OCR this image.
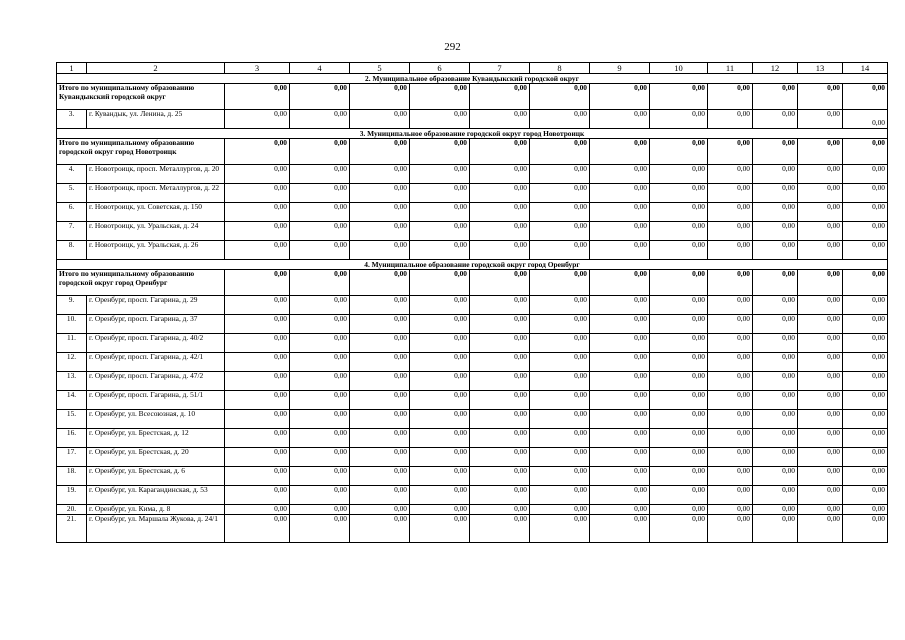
292
1	2	3	4	5	6	7	8	9	10	11	12	13	14
2. Муниципальное образование Кувандыкский городской округ													
Итого по муниципальному образованию Кувандыкский городской округ		0,00	0,00	0,00	0,00	0,00	0,00	0,00	0,00	0,00	0,00	0,00	0,00
3.	г. Кувандык, ул. Ленина, д. 25	0,00	0,00	0,00	0,00	0,00	0,00	0,00	0,00	0,00	0,00	0,00	0,00
3. Муниципальное образование городской округ город Новотроицк													
Итого по муниципальному образованию городской округ город Новотроицк		0,00	0,00	0,00	0,00	0,00	0,00	0,00	0,00	0,00	0,00	0,00	0,00
4.	г. Новотроицк, просп. Металлургов, д. 20	0,00	0,00	0,00	0,00	0,00	0,00	0,00	0,00	0,00	0,00	0,00	0,00
5.	г. Новотроицк, просп. Металлургов, д. 22	0,00	0,00	0,00	0,00	0,00	0,00	0,00	0,00	0,00	0,00	0,00	0,00
6.	г. Новотроицк, ул. Советская, д. 150	0,00	0,00	0,00	0,00	0,00	0,00	0,00	0,00	0,00	0,00	0,00	0,00
7.	г. Новотроицк, ул. Уральская, д. 24	0,00	0,00	0,00	0,00	0,00	0,00	0,00	0,00	0,00	0,00	0,00	0,00
8.	г. Новотроицк, ул. Уральская, д. 26	0,00	0,00	0,00	0,00	0,00	0,00	0,00	0,00	0,00	0,00	0,00	0,00
4. Муниципальное образование городской округ город Оренбург													
Итого по муниципальному образованию городской округ город Оренбург		0,00	0,00	0,00	0,00	0,00	0,00	0,00	0,00	0,00	0,00	0,00	0,00
9.	г. Оренбург, просп. Гагарина, д. 29	0,00	0,00	0,00	0,00	0,00	0,00	0,00	0,00	0,00	0,00	0,00	0,00
10.	г. Оренбург, просп. Гагарина, д. 37	0,00	0,00	0,00	0,00	0,00	0,00	0,00	0,00	0,00	0,00	0,00	0,00
11.	г. Оренбург, просп. Гагарина, д. 40/2	0,00	0,00	0,00	0,00	0,00	0,00	0,00	0,00	0,00	0,00	0,00	0,00
12.	г. Оренбург, просп. Гагарина, д. 42/1	0,00	0,00	0,00	0,00	0,00	0,00	0,00	0,00	0,00	0,00	0,00	0,00
13.	г. Оренбург, просп. Гагарина, д. 47/2	0,00	0,00	0,00	0,00	0,00	0,00	0,00	0,00	0,00	0,00	0,00	0,00
14.	г. Оренбург, просп. Гагарина, д. 51/1	0,00	0,00	0,00	0,00	0,00	0,00	0,00	0,00	0,00	0,00	0,00	0,00
15.	г. Оренбург, ул. Всесоюзная, д. 10	0,00	0,00	0,00	0,00	0,00	0,00	0,00	0,00	0,00	0,00	0,00	0,00
16.	г. Оренбург, ул. Брестская, д. 12	0,00	0,00	0,00	0,00	0,00	0,00	0,00	0,00	0,00	0,00	0,00	0,00
17.	г. Оренбург, ул. Брестская, д. 20	0,00	0,00	0,00	0,00	0,00	0,00	0,00	0,00	0,00	0,00	0,00	0,00
18.	г. Оренбург, ул. Брестская, д. 6	0,00	0,00	0,00	0,00	0,00	0,00	0,00	0,00	0,00	0,00	0,00	0,00
19.	г. Оренбург, ул. Карагандинская, д. 53	0,00	0,00	0,00	0,00	0,00	0,00	0,00	0,00	0,00	0,00	0,00	0,00
20.	г. Оренбург, ул. Кима, д. 8	0,00	0,00	0,00	0,00	0,00	0,00	0,00	0,00	0,00	0,00	0,00	0,00
21.	г. Оренбург, ул. Маршала Жукова, д. 24/1	0,00	0,00	0,00	0,00	0,00	0,00	0,00	0,00	0,00	0,00	0,00	0,00
